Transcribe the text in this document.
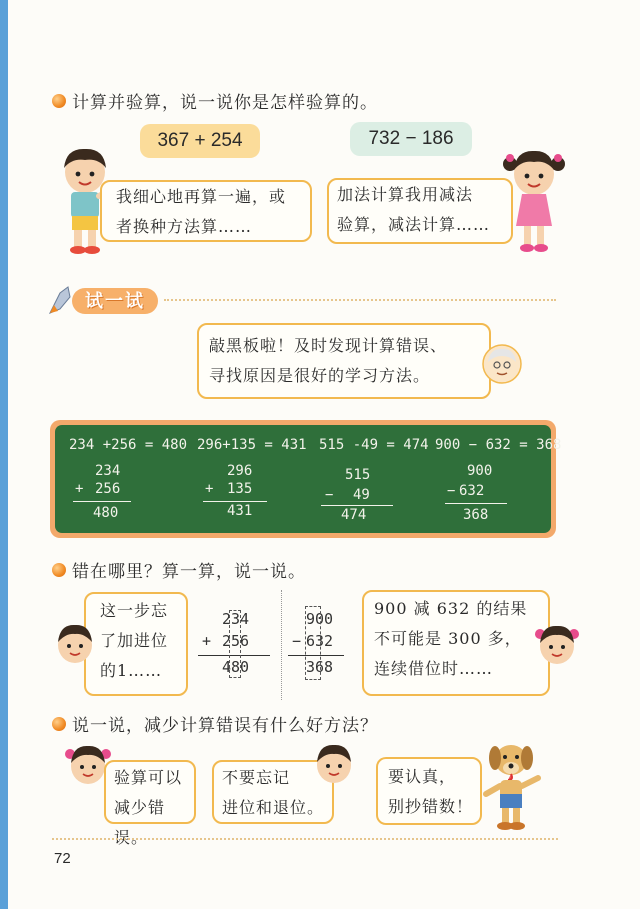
计算并验算，说一说你是怎样验算的。
367 + 254	732 − 186
我细心地再算一遍，或
者换种方法算……
加法计算我用减法
验算，减法计算……
试一试
敲黑板啦！及时发现计算错误、
寻找原因是很好的学习方法。
234 +256 = 480
234
+ 256
480
296+135 = 431
296
+ 135
431
515 -49 = 474
515
− 49
474
900 − 632 = 368
900
− 632
368
错在哪里？算一算，说一说。
这一步忘
了加进位
的1……
234
+ 256
480
900
− 632
368
900 减 632 的结果
不可能是 300 多，
连续借位时……
说一说，减少计算错误有什么好方法？
验算可以
减少错误。
不要忘记
进位和退位。
要认真，
别抄错数！
72
